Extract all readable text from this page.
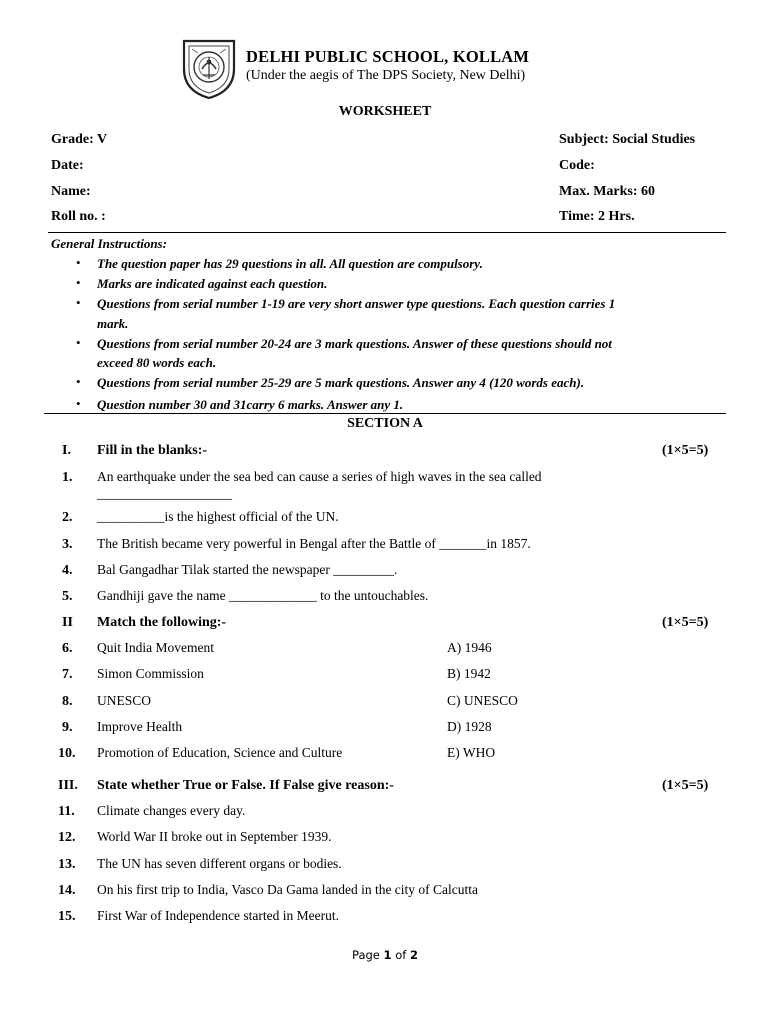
DELHI PUBLIC SCHOOL, KOLLAM
(Under the aegis of The DPS Society, New Delhi)
WORKSHEET
Grade: V
Date:
Name:
Roll no. :
Subject: Social Studies
Code:
Max. Marks: 60
Time: 2 Hrs.
General Instructions:
• The question paper has 29 questions in all. All question are compulsory.
• Marks are indicated against each question.
• Questions from serial number 1-19 are very short answer type questions. Each question carries 1
mark.
• Questions from serial number 20-24 are 3 mark questions. Answer of these questions should not
exceed 80 words each.
• Questions from serial number 25-29 are 5 mark questions. Answer any 4 (120 words each).
• Question number 30 and 31carry 6 marks. Answer any 1.
SECTION A
I. Fill in the blanks:-	(1×5=5)
1. An earthquake under the sea bed can cause a series of high waves in the sea called
____________________
2. __________is the highest official of the UN.
3. The British became very powerful in Bengal after the Battle of _______in 1857.
4. Bal Gangadhar Tilak started the newspaper _________.
5. Gandhiji gave the name _____________ to the untouchables.
II Match the following:-	(1×5=5)
6. Quit India Movement	A) 1946
7. Simon Commission	B) 1942
8. UNESCO	C) UNESCO
9. Improve Health	D) 1928
10. Promotion of Education, Science and Culture	E) WHO
III. State whether True or False. If False give reason:-	(1×5=5)
11. Climate changes every day.
12. World War II broke out in September 1939.
13. The UN has seven different organs or bodies.
14. On his first trip to India, Vasco Da Gama landed in the city of Calcutta
15. First War of Independence started in Meerut.
Page 1 of 2
